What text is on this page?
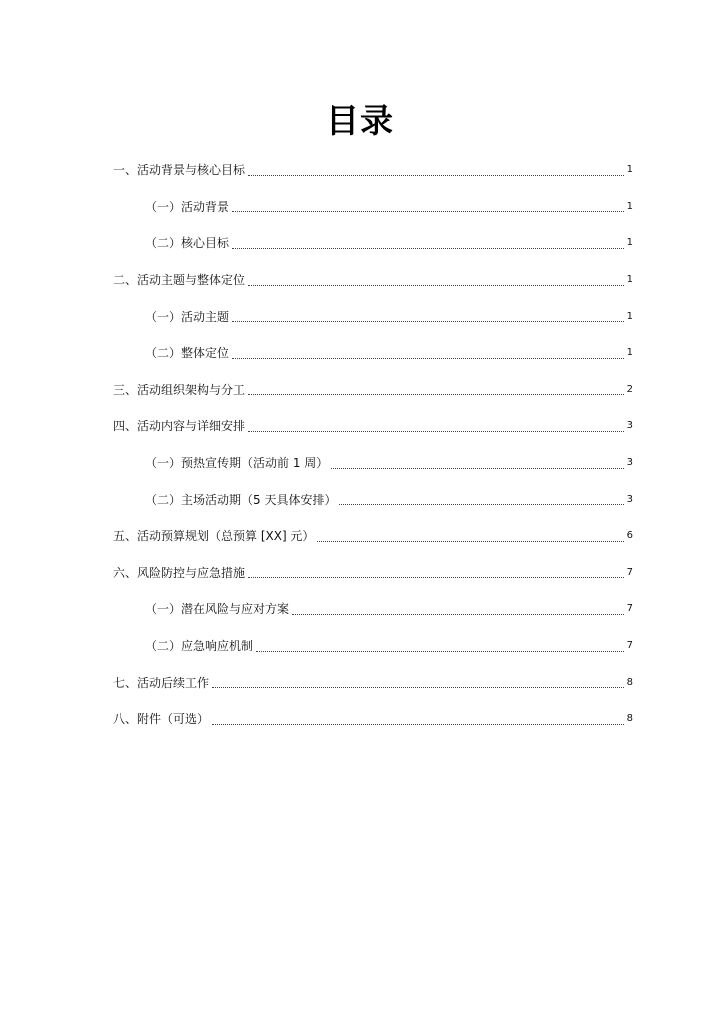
目录
一、活动背景与核心目标	1
（一）活动背景	1
（二）核心目标	1
二、活动主题与整体定位	1
（一）活动主题	1
（二）整体定位	1
三、活动组织架构与分工	2
四、活动内容与详细安排	3
（一）预热宣传期（活动前 1 周）	3
（二）主场活动期（5 天具体安排）	3
五、活动预算规划（总预算 [XX] 元）	6
六、风险防控与应急措施	7
（一）潜在风险与应对方案	7
（二）应急响应机制	7
七、活动后续工作	8
八、附件（可选）	8
